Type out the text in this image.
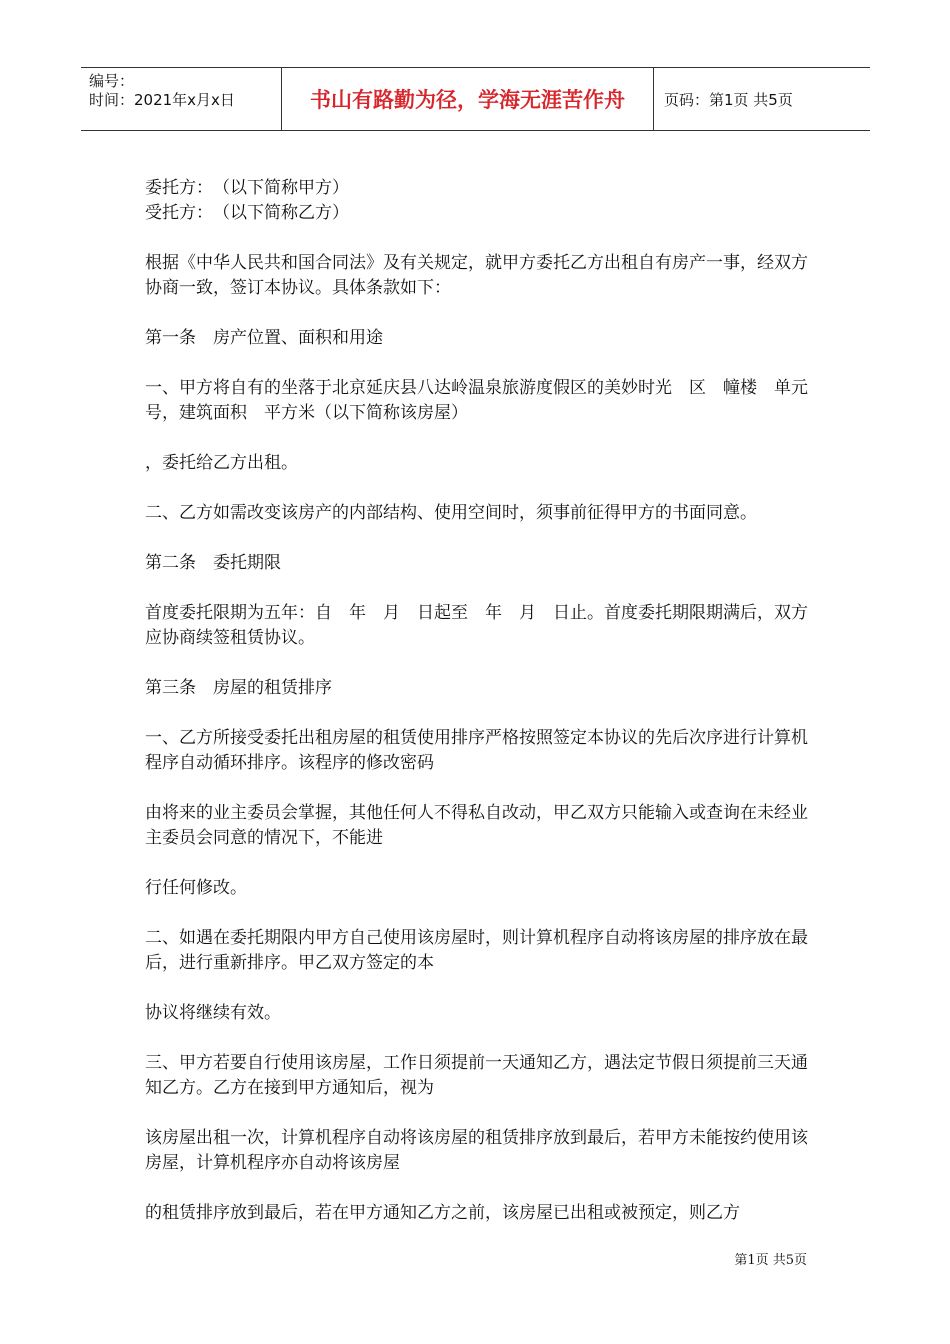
编号：
时间：2021年x月x日	书山有路勤为径，学海无涯苦作舟	页码：第1页 共5页

委托方：　（以下简称甲方）

受托方：　（以下简称乙方）

根据《中华人民共和国合同法》及有关规定，就甲方委托乙方出租自有房产一事，经双方协商一致，签订本协议。具体条款如下：

第一条　房产位置、面积和用途

一、甲方将自有的坐落于北京延庆县八达岭温泉旅游度假区的美妙时光　区　幢楼　单元　号，建筑面积　平方米（以下简称该房屋）

，委托给乙方出租。

二、乙方如需改变该房产的内部结构、使用空间时，须事前征得甲方的书面同意。

第二条　委托期限

首度委托限期为五年：自　年　月　日起至　年　月　日止。首度委托期限期满后，双方应协商续签租赁协议。

第三条　房屋的租赁排序

一、乙方所接受委托出租房屋的租赁使用排序严格按照签定本协议的先后次序进行计算机程序自动循环排序。该程序的修改密码

由将来的业主委员会掌握，其他任何人不得私自改动，甲乙双方只能输入或查询在未经业主委员会同意的情况下，不能进

行任何修改。

二、如遇在委托期限内甲方自己使用该房屋时，则计算机程序自动将该房屋的排序放在最后，进行重新排序。甲乙双方签定的本

协议将继续有效。

三、甲方若要自行使用该房屋，工作日须提前一天通知乙方，遇法定节假日须提前三天通知乙方。乙方在接到甲方通知后，视为

该房屋出租一次，计算机程序自动将该房屋的租赁排序放到最后，若甲方未能按约使用该房屋，计算机程序亦自动将该房屋

的租赁排序放到最后，若在甲方通知乙方之前，该房屋已出租或被预定，则乙方

第1页 共5页
